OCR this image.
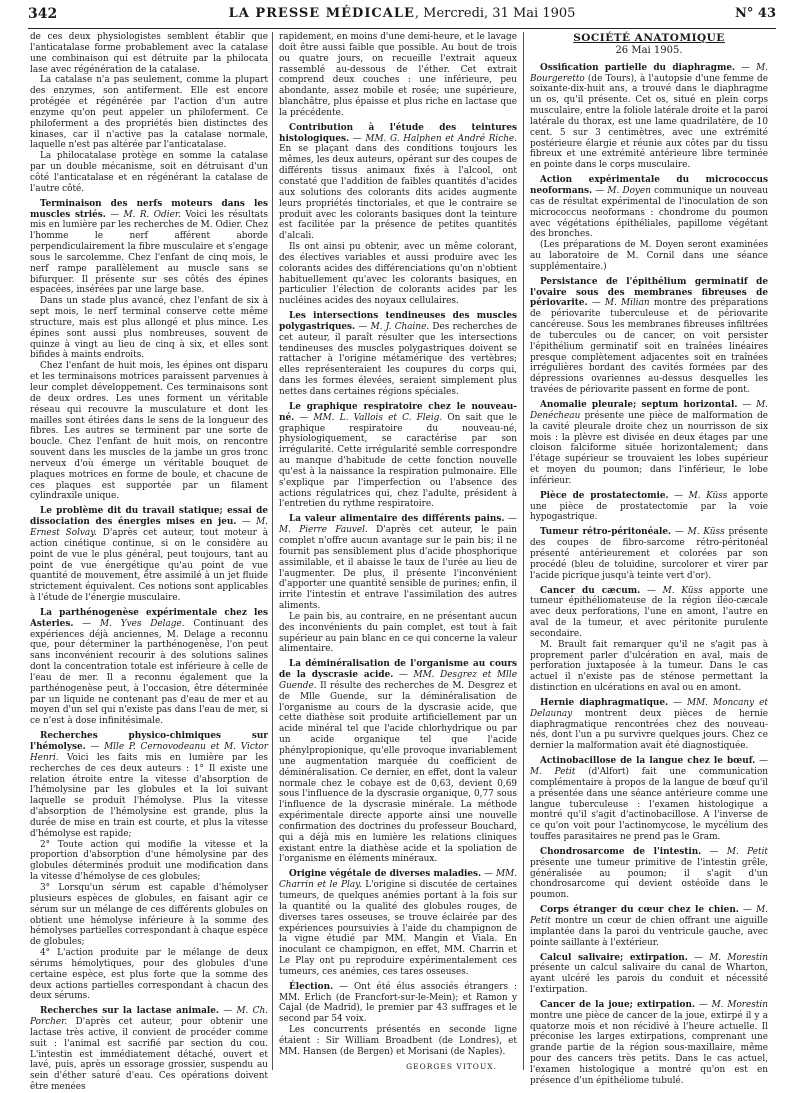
342	LA PRESSE MÉDICALE, Mercredi, 31 Mai 1905	N° 43

de ces deux physiologistes semblent établir que l'anticatalase forme probablement avec la catalase une combinaison qui est détruite par la philocata lase avec régénération de la catalase.

La catalase n'a pas seulement, comme la plupart des enzymes, son antiferment. Elle est encore protégée et régénérée par l'action d'un autre enzyme qu'on peut appeler un philoferment. Ce philoferment a des propriétés bien distinctes des kinases, car il n'active pas la catalase normale, laquelle n'est pas altérée par l'anticatalase.

La philocatalase protège en somme la catalase par un double mécanisme, soit en détruisant d'un côté l'anticatalase et en régénérant la catalase de l'autre côté.

Terminaison des nerfs moteurs dans les muscles striés. — M. R. Odier. Voici les résultats mis en lumière par les recherches de M. Odier. Chez l'homme le nerf afférent aborde perpendiculairement la fibre musculaire et s'engage sous le sarcolemme. Chez l'enfant de cinq mois, le nerf rampe parallèlement au muscle sans se bifurquer. Il présente sur ses côtés des épines espacées, insérées par une large base.

Dans un stade plus avancé, chez l'enfant de six à sept mois, le nerf terminal conserve cette même structure, mais est plus allongé et plus mince. Les épines sont aussi plus nombreuses, souvent de quinze à vingt au lieu de cinq à six, et elles sont bifides à maints endroits.

Chez l'enfant de huit mois, les épines ont disparu et les terminaisons motrices paraissent parvenues à leur complet développement. Ces terminaisons sont de deux ordres. Les unes forment un véritable réseau qui recouvre la musculature et dont les mailles sont étirées dans le sens de la longueur des fibres. Les autres se terminent par une sorte de boucle. Chez l'enfant de huit mois, on rencontre souvent dans les muscles de la jambe un gros tronc nerveux d'où émerge un véritable bouquet de plaques motrices en forme de boule, et chacune de ces plaques est supportée par un filament cylindraxile unique.

Le problème dit du travail statique; essai de dissociation des énergies mises en jeu. — M. Ernest Solvay. D'après cet auteur, tout moteur à action cinétique continue, si on le considère au point de vue le plus général, peut toujours, tant au point de vue énergétique qu'au point de vue quantité de mouvement, être assimilé à un jet fluide strictement équivalent. Ces notions sont applicables à l'étude de l'énergie musculaire.

La parthénogenèse expérimentale chez les Asteries. — M. Yves Delage. Continuant des expériences déjà anciennes, M. Delage a reconnu que, pour déterminer la parthénogenèse, l'on peut sans inconvénient recourir à des solutions salines dont la concentration totale est inférieure à celle de l'eau de mer. Il a reconnu également que la parthénogenèse peut, à l'occasion, être déterminée par un liquide ne contenant pas d'eau de mer et au moyen d'un sel qui n'existe pas dans l'eau de mer, si ce n'est à dose infinitésimale.

Recherches physico-chimiques sur l'hémolyse. — Mlle P. Cernovodeanu et M. Victor Henri. Voici les faits mis en lumière par les recherches de ces deux auteurs : 1° Il existe une relation étroite entre la vitesse d'absorption de l'hémolysine par les globules et la loi suivant laquelle se produit l'hémolyse. Plus la vitesse d'absorption de l'hémolysine est grande, plus la durée de mise en train est courte, et plus la vitesse d'hémolyse est rapide;

2° Toute action qui modifie la vitesse et la proportion d'absorption d'une hémolysine par des globules déterminés produit une modification dans la vitesse d'hémolyse de ces globules;

3° Lorsqu'un sérum est capable d'hémolyser plusieurs espèces de globules, en faisant agir ce sérum sur un mélange de ces différents globules on obtient une hémolyse inférieure à la somme des hémolyses partielles correspondant à chaque espèce de globules;

4° L'action produite par le mélange de deux sérums hémolytiques, pour des globules d'une certaine espèce, est plus forte que la somme des deux actions partielles correspondant à chacun des deux sérums.

Recherches sur la lactase animale. — M. Ch. Porcher. D'après cet auteur, pour obtenir une lactase très active, il convient de procéder comme suit : l'animal est sacrifié par section du cou. L'intestin est immédiatement détaché, ouvert et lavé, puis, après un essorage grossier, suspendu au sein d'éther saturé d'eau. Ces opérations doivent être menées

rapidement, en moins d'une demi-heure, et le lavage doit être aussi faible que possible. Au bout de trois ou quatre jours, on recueille l'extrait aqueux rassemblé au-dessous de l'éther. Cet extrait comprend deux couches : une inférieure, peu abondante, assez mobile et rosée; une supérieure, blanchâtre, plus épaisse et plus riche en lactase que la précédente.

Contribution à l'étude des teintures histologiques. — MM. G. Halphen et André Riche. En se plaçant dans des conditions toujours les mêmes, les deux auteurs, opérant sur des coupes de différents tissus animaux fixés à l'alcool, ont constaté que l'addition de faibles quantités d'acides aux solutions des colorants dits acides augmente leurs propriétés tinctoriales, et que le contraire se produit avec les colorants basiques dont la teinture est facilitée par la présence de petites quantités d'alcali.

Ils ont ainsi pu obtenir, avec un même colorant, des électives variables et aussi produire avec les colorants acides des différenciations qu'on n'obtient habituellement qu'avec les colorants basiques, en particulier l'élection de colorants acides par les nucléines acides des noyaux cellulaires.

Les intersections tendineuses des muscles polygastriques. — M. J. Chaine. Des recherches de cet auteur, il paraît résulter que les intersections tendineuses des muscles polygastriques doivent se rattacher à l'origine métamérique des vertèbres; elles représenteraient les coupures du corps qui, dans les formes élevées, seraient simplement plus nettes dans certaines régions spéciales.

Le graphique respiratoire chez le nouveau-né. — MM. L. Vallois et C. Fleig. On sait que le graphique respiratoire du nouveau-né, physiologiquement, se caractérise par son irrégularité. Cette irrégularité semble correspondre au manque d'habitude de cette fonction nouvelle qu'est à la naissance la respiration pulmonaire. Elle s'explique par l'imperfection ou l'absence des actions régulatrices qui, chez l'adulte, président à l'entretien du rythme respiratoire.

La valeur alimentaire des différents pains. — M. Pierre Fauvel. D'après cet auteur, le pain complet n'offre aucun avantage sur le pain bis; il ne fournit pas sensiblement plus d'acide phosphorique assimilable, et il abaisse le taux de l'urée au lieu de l'augmenter. De plus, il présente l'inconvénient d'apporter une quantité sensible de purines; enfin, il irrite l'intestin et entrave l'assimilation des autres aliments.

Le pain bis, au contraire, en ne présentant aucun des inconvénients du pain complet, est tout à fait supérieur au pain blanc en ce qui concerne la valeur alimentaire.

La déminéralisation de l'organisme au cours de la dyscrasie acide. — MM. Desgrez et Mlle Guende. Il résulte des recherches de M. Desgrez et de Mlle Guende, sur la déminéralisation de l'organisme au cours de la dyscrasie acide, que cette diathèse soit produite artificiellement par un acide minéral tel que l'acide chlorhydrique ou par un acide organique tel que l'acide phénylpropionique, qu'elle provoque invariablement une augmentation marquée du coefficient de déminéralisation. Ce dernier, en effet, dont la valeur normale chez le cobaye est de 0,63, devient 0,69 sous l'influence de la dyscrasie organique, 0,77 sous l'influence de la dyscrasie minérale. La méthode expérimentale directe apporte ainsi une nouvelle confirmation des doctrines du professeur Bouchard, qui a déjà mis en lumière les relations cliniques existant entre la diathèse acide et la spoliation de l'organisme en éléments minéraux.

Origine végétale de diverses maladies. — MM. Charrin et le Play. L'origine si discutée de certaines tumeurs, de quelques anémies portant à la fois sur la quantité ou la qualité des globules rouges, de diverses tares osseuses, se trouve éclairée par des expériences poursuivies à l'aide du champignon de la vigne étudié par MM. Mangin et Viala. En inoculant ce champignon, en effet, MM. Charrin et Le Play ont pu reproduire expérimentalement ces tumeurs, ces anémies, ces tares osseuses.

Élection. — Ont été élus associés étrangers : MM. Erlich (de Francfort-sur-le-Mein); et Ramon y Cajal (de Madrid), le premier par 43 suffrages et le second par 54 voix.

Les concurrents présentés en seconde ligne étaient : Sir William Broadbent (de Londres), et MM. Hansen (de Bergen) et Morisani (de Naples).

GEORGES VITOUX.
SOCIÉTÉ ANATOMIQUE
26 Mai 1905.

Ossification partielle du diaphragme. — M. Bourgeretto (de Tours), à l'autopsie d'une femme de soixante-dix-huit ans, a trouvé dans le diaphragme un os, qu'il présente. Cet os, situé en plein corps musculaire, entre la foliole latérale droite et la paroi latérale du thorax, est une lame quadrilatère, de 10 cent. 5 sur 3 centimètres, avec une extrémité postérieure élargie et réunie aux côtes par du tissu fibreux et une extrémité antérieure libre terminée en pointe dans le corps musculaire.

Action expérimentale du micrococcus neoformans. — M. Doyen communique un nouveau cas de résultat expérimental de l'inoculation de son micrococcus neoformans : chondrome du poumon avec végétations épithéliales, papillome végétant des bronches.

(Les préparations de M. Doyen seront examinées au laboratoire de M. Cornil dans une séance supplémentaire.)

Persistance de l'épithélium germinatif de l'ovaire sous des membranes fibreuses de périovarite. — M. Milian montre des préparations de périovarite tuberculeuse et de périovarite cancéreuse. Sous les membranes fibreuses infiltrées de tubercules ou de cancer, on voit persister l'épithélium germinatif soit en traînées linéaires presque complètement adjacentes soit en traînées irrégulières bordant des cavités formées par des dépressions ovariennes au-dessus desquelles les travées de périovarite passent en forme de pont.

Anomalie pleurale; septum horizontal. — M. Denécheau présente une pièce de malformation de la cavité pleurale droite chez un nourrisson de six mois : la plèvre est divisée en deux étages par une cloison falciforme située horizontalement; dans l'étage supérieur se trouvaient les lobes supérieur et moyen du poumon; dans l'inférieur, le lobe inférieur.

Pièce de prostatectomie. — M. Küss apporte une pièce de prostatectomie par la voie hypogastrique.

Tumeur rétro-péritonéale. — M. Küss présente des coupes de fibro-sarcome rétro-péritonéal présenté antérieurement et colorées par son procédé (bleu de toluidine, surcolorer et virer par l'acide picrique jusqu'à teinte vert d'or).

Cancer du cæcum. — M. Küss apporte une tumeur épithéliomateuse de la région iléo-cæcale avec deux perforations, l'une en amont, l'autre en aval de la tumeur, et avec péritonite purulente secondaire.

M. Brault fait remarquer qu'il ne s'agit pas à proprement parler d'ulcération en aval, mais de perforation juxtaposée à la tumeur. Dans le cas actuel il n'existe pas de sténose permettant la distinction en ulcérations en aval ou en amont.

Hernie diaphragmatique. — MM. Moncany et Delaunay montrent deux pièces de hernie diaphragmatique rencontrées chez des nouveau-nés, dont l'un a pu survivre quelques jours. Chez ce dernier la malformation avait été diagnostiquée.

Actinobacillose de la langue chez le bœuf. — M. Petit (d'Alfort) fait une communication complémentaire à propos de la langue de bœuf qu'il a présentée dans une séance antérieure comme une langue tuberculeuse : l'examen histologique a montré qu'il s'agit d'actinobacillose. A l'inverse de ce qu'on voit pour l'actinomycose, le mycélium des touffes parasitaires ne prend pas le Gram.

Chondrosarcome de l'intestin. — M. Petit présente une tumeur primitive de l'intestin grêle, généralisée au poumon; il s'agit d'un chondrosarcome qui devient ostéoïde dans le poumon.

Corps étranger du cœur chez le chien. — M. Petit montre un cœur de chien offrant une aiguille implantée dans la paroi du ventricule gauche, avec pointe saillante à l'extérieur.

Calcul salivaire; extirpation. — M. Morestin présente un calcul salivaire du canal de Wharton, ayant ulcéré les parois du conduit et nécessité l'extirpation.

Cancer de la joue; extirpation. — M. Morestin montre une pièce de cancer de la joue, extirpé il y a quatorze mois et non récidivé à l'heure actuelle. Il préconise les larges extirpations, comprenant une grande partie de la région sous-maxillaire, même pour des cancers très petits. Dans le cas actuel, l'examen histologique a montré qu'on est en présence d'un épithéliome tubulé.
